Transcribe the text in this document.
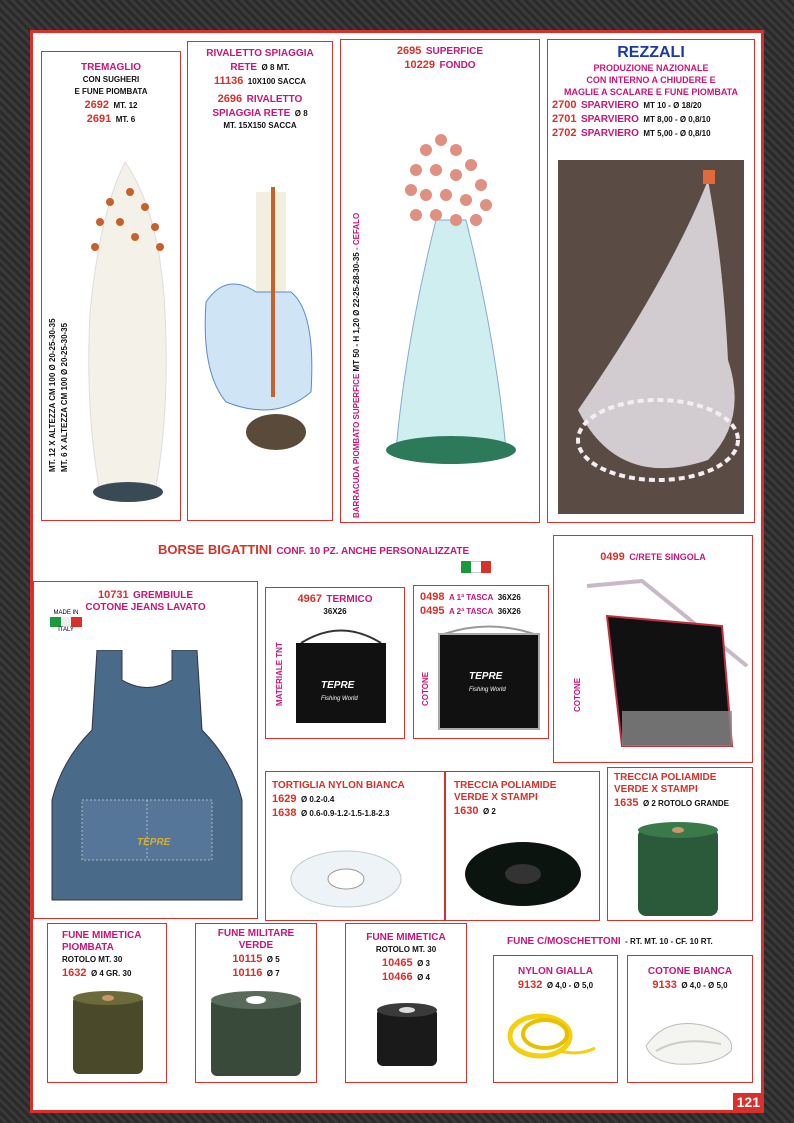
TREMAGLIO
CON SUGHERI
E FUNE PIOMBATA
2692 MT. 12
2691 MT. 6
MT. 12 X ALTEZZA CM 100 Ø 20-25-30-35 MT. 6 X ALTEZZA CM 100 Ø 20-25-30-35
RIVALETTO SPIAGGIA
RETE Ø 8 MT.
11136 10X100 SACCA
2696 RIVALETTO
SPIAGGIA RETE Ø 8
MT. 15X150 SACCA
2695 SUPERFICE
10229 FONDO
BARRACUDA PIOMBATO SUPERFICE MT 50 - H 1,20 Ø 22-25-28-30-35 - CEFALO
REZZALI
PRODUZIONE NAZIONALE
CON INTERNO A CHIUDERE E
MAGLIE A SCALARE E FUNE PIOMBATA
2700 SPARVIERO MT 10 - Ø 18/20
2701 SPARVIERO MT 8,00 - Ø 0,8/10
2702 SPARVIERO MT 5,00 - Ø 0,8/10
BORSE BIGATTINI CONF. 10 PZ. ANCHE PERSONALIZZATE
10731 GREMBIULE
COTONE JEANS LAVATO
MADE IN
ITALY
TEPRE
4967 TERMICO
36X26
MATERIALE TNT	TEPRE
Fishing World
0498 A 1ª TASCA 36X26
0495 A 2ª TASCA 36X26
COTONE	TEPRE
Fishing World
0499 C/RETE SINGOLA
COTONE
TORTIGLIA NYLON BIANCA
1629 Ø 0.2-0.4
1638 Ø 0.6-0.9-1.2-1.5-1.8-2.3
TRECCIA POLIAMIDE
VERDE X STAMPI
1630 Ø 2
TRECCIA POLIAMIDE
VERDE X STAMPI
1635 Ø 2 ROTOLO GRANDE
FUNE MIMETICA
PIOMBATA
ROTOLO MT. 30
1632 Ø 4 GR. 30
FUNE MILITARE
VERDE
10115 Ø 5
10116 Ø 7
FUNE MIMETICA
ROTOLO MT. 30
10465 Ø 3
10466 Ø 4
FUNE C/MOSCHETTONI - RT. MT. 10 - CF. 10 RT.
NYLON GIALLA
9132 Ø 4,0 - Ø 5,0
COTONE BIANCA
9133 Ø 4,0 - Ø 5,0
121
